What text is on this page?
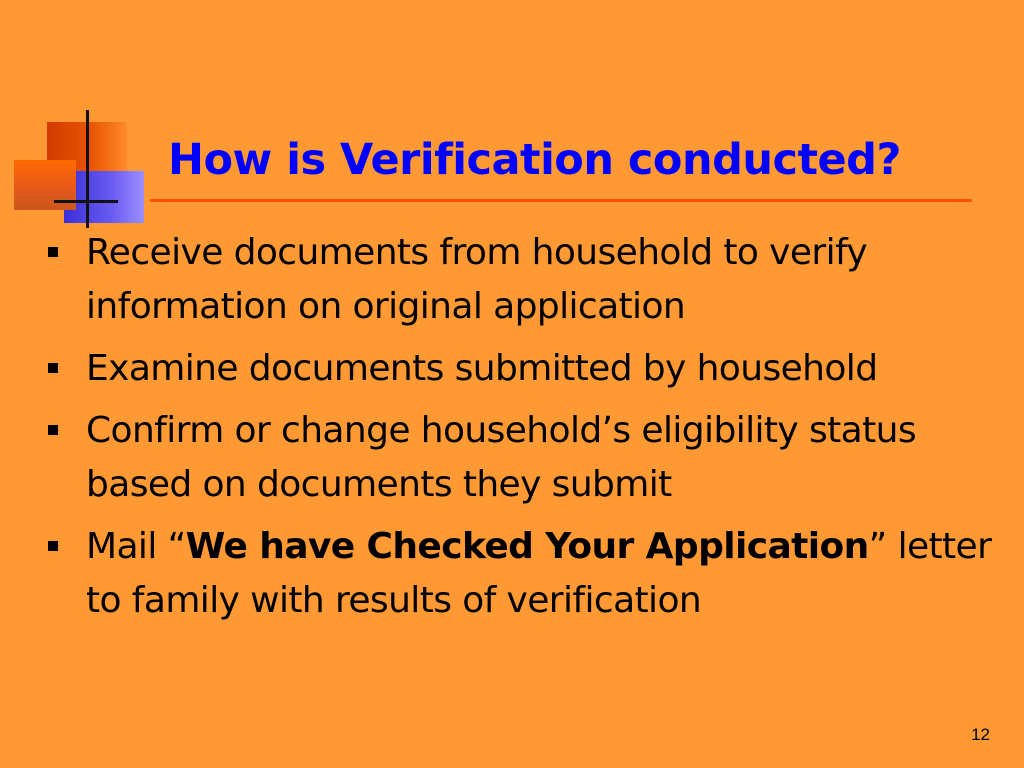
How is Verification conducted?
Receive documents from household to verify information on original application
Examine documents submitted by household
Confirm or change household’s eligibility status based on documents they submit
Mail “We have Checked Your Application” letter to family with results of verification
12
